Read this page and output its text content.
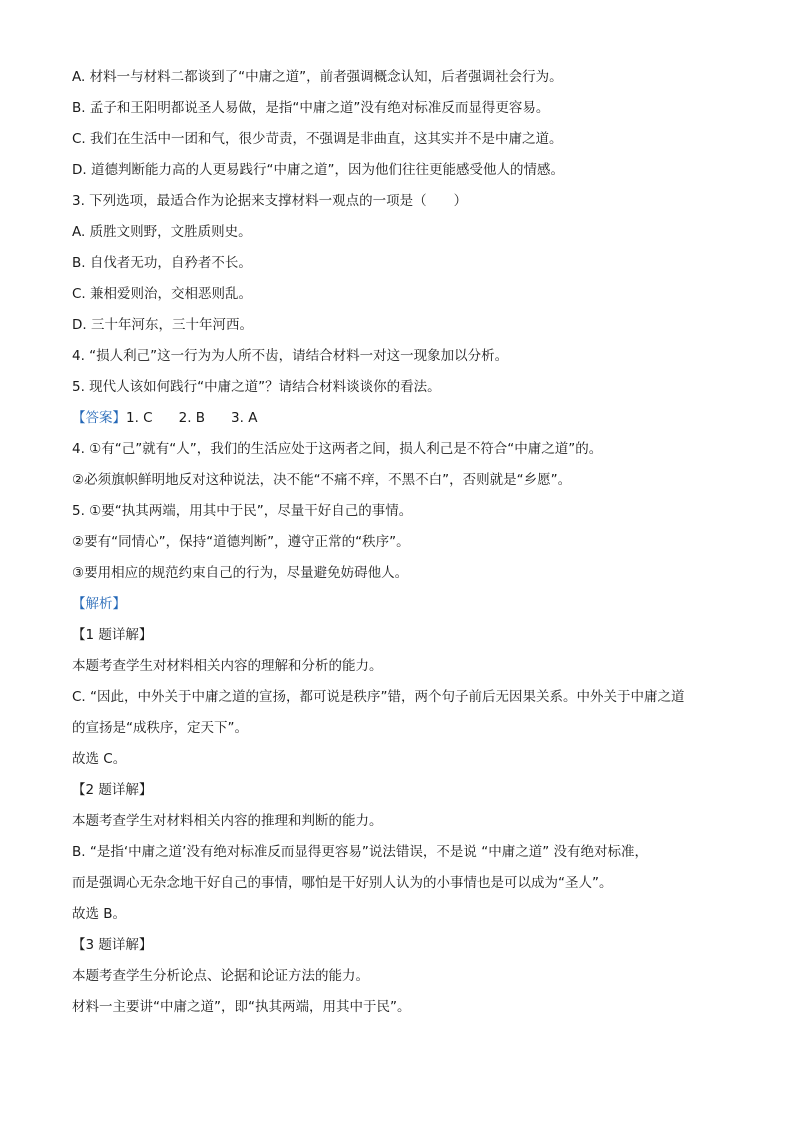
A. 材料一与材料二都谈到了“中庸之道”，前者强调概念认知，后者强调社会行为。
B. 孟子和王阳明都说圣人易做，是指“中庸之道”没有绝对标准反而显得更容易。
C. 我们在生活中一团和气，很少苛责，不强调是非曲直，这其实并不是中庸之道。
D. 道德判断能力高的人更易践行“中庸之道”，因为他们往往更能感受他人的情感。
3. 下列选项，最适合作为论据来支撑材料一观点的一项是（　　）
A. 质胜文则野，文胜质则史。
B. 自伐者无功，自矜者不长。
C. 兼相爱则治，交相恶则乱。
D. 三十年河东，三十年河西。
4. “损人利己”这一行为为人所不齿，请结合材料一对这一现象加以分析。
5. 现代人该如何践行“中庸之道”？请结合材料谈谈你的看法。
【答案】1. C 2. B 3. A
4. ①有“己”就有“人”，我们的生活应处于这两者之间，损人利己是不符合“中庸之道”的。
②必须旗帜鲜明地反对这种说法，决不能“不痛不痒，不黑不白”，否则就是“乡愿”。
5. ①要“执其两端，用其中于民”，尽量干好自己的事情。
②要有“同情心”，保持“道德判断”，遵守正常的“秩序”。
③要用相应的规范约束自己的行为，尽量避免妨碍他人。
【解析】
【1 题详解】
本题考查学生对材料相关内容的理解和分析的能力。
C. “因此，中外关于中庸之道的宣扬，都可说是秩序”错，两个句子前后无因果关系。中外关于中庸之道
的宣扬是“成秩序，定天下”。
故选 C。
【2 题详解】
本题考查学生对材料相关内容的推理和判断的能力。
B. “是指‘中庸之道’没有绝对标准反而显得更容易”说法错误，不是说 “中庸之道” 没有绝对标准，
而是强调心无杂念地干好自己的事情，哪怕是干好别人认为的小事情也是可以成为“圣人”。
故选 B。
【3 题详解】
本题考查学生分析论点、论据和论证方法的能力。
材料一主要讲“中庸之道”，即“执其两端，用其中于民”。
